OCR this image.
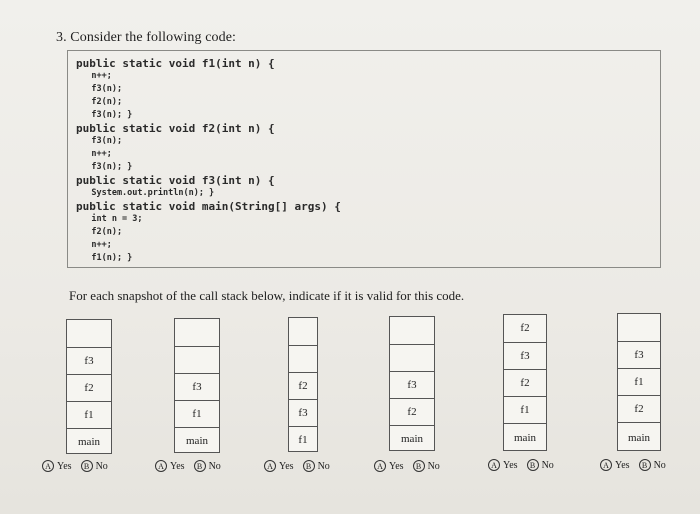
3. Consider the following code:
public static void f1(int n) {
n++;
f3(n);
f2(n);
f3(n); }
public static void f2(int n) {
f3(n);
n++;
f3(n); }
public static void f3(int n) {
System.out.println(n); }
public static void main(String[] args) {
int n = 3;
f2(n);
n++;
f1(n); }
For each snapshot of the call stack below, indicate if it is valid for this code.
f3
f2
f1
main
f3
f1
main
f2
f3
f1
f3
f2
main
f2
f3
f2
f1
main
f3
f1
f2
main
A Yes	B No	A Yes	B No	A Yes	B No	A Yes	B No	A Yes	B No	A Yes	B No
